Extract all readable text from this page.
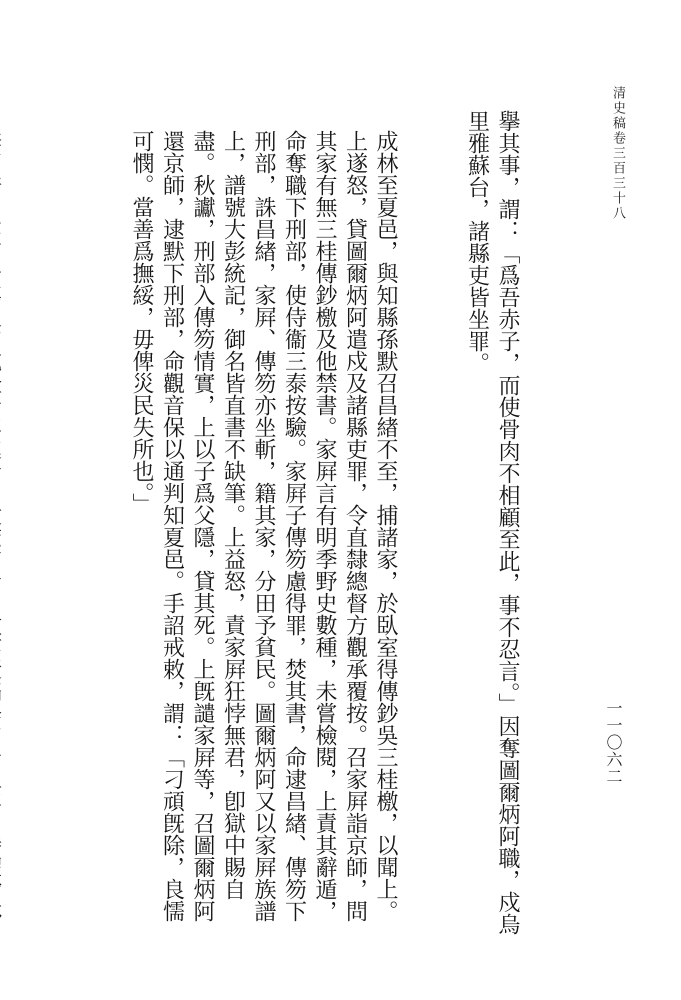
清史稿卷三百三十八
一一〇六二

擧其事，謂：「爲吾赤子，而使骨肉不相顧至此，事不忍言。」因奪圖爾炳阿職，戍烏里雅蘇台，諸縣吏皆坐罪。

成林至夏邑，與知縣孫默召昌緖不至，捕諸家，於臥室得傳鈔吳三桂檄，以聞上。上遂怒，貸圖爾炳阿遣戍及諸縣吏罪，令直隸總督方觀承覆按。召家屛詣京師，問其家有無三桂傳鈔檄及他禁書。家屛言有明季野史數種，未嘗檢閱，上責其辭遁，命奪職下刑部，使侍衞三泰按驗。家屛子傳笏慮得罪，焚其書，命逮昌緖、傳笏下刑部，誅昌緖，家屛、傳笏亦坐斬，籍其家，分田予貧民。圖爾炳阿又以家屛族譜上，譜號大彭統記，御名皆直書不缺筆。上益怒，責家屛狂悖無君，卽獄中賜自盡。秋讞，刑部入傳笏情實，上以子爲父隱，貸其死。上旣譴家屛等，召圖爾炳阿還京師，逮默下刑部，命觀音保以通判知夏邑。手詔戒敕，謂：「刁頑旣除，良懦可憫。當善爲撫綏，毋俾災民失所也。」
